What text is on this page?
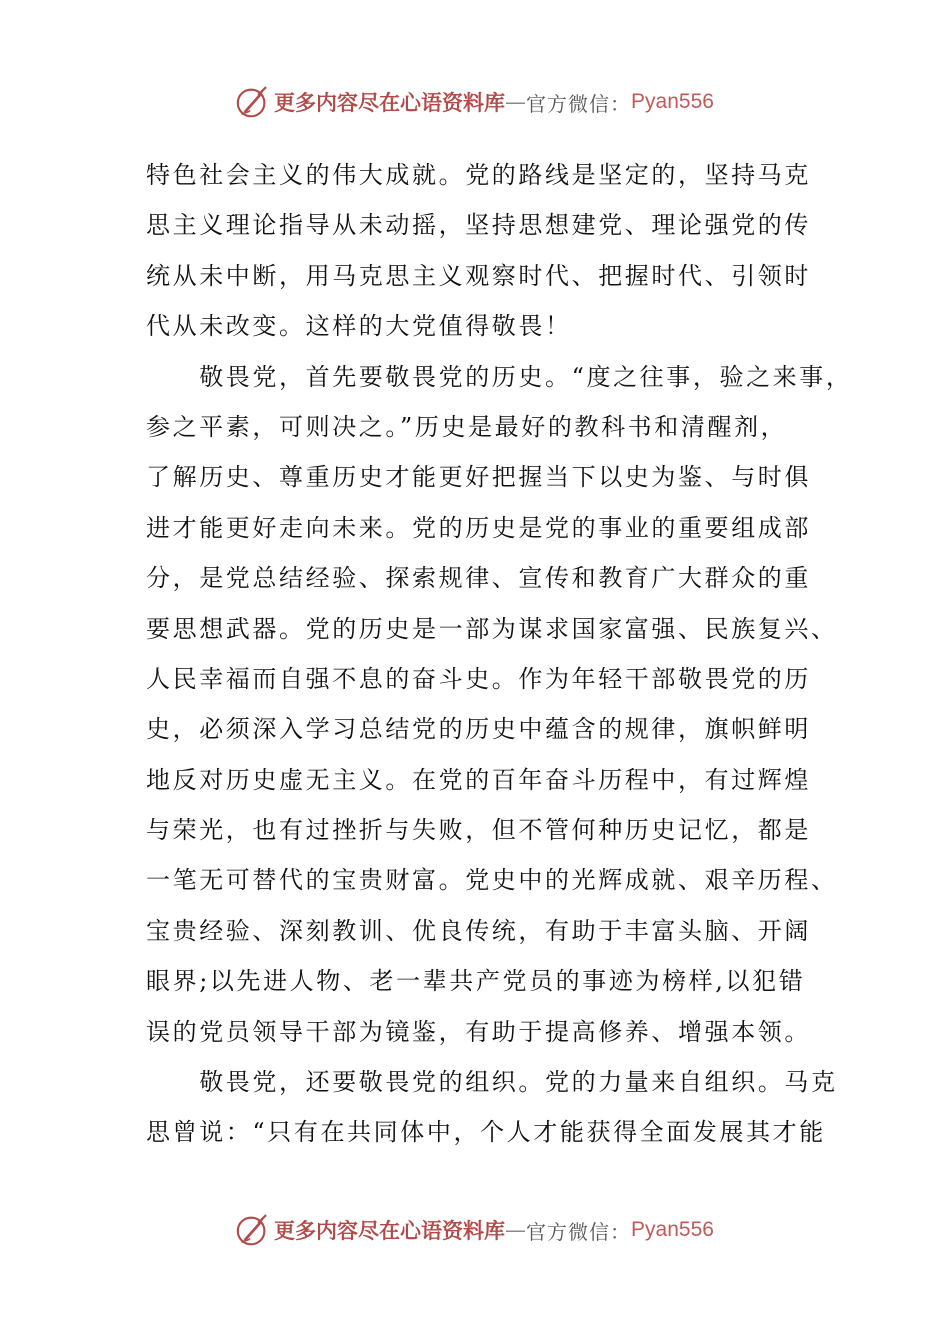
更多内容尽在心语资料库 — 官方微信： Pyan556
特色社会主义的伟大成就。党的路线是坚定的，坚持马克
思主义理论指导从未动摇，坚持思想建党、理论强党的传
统从未中断，用马克思主义观察时代、把握时代、引领时
代从未改变。这样的大党值得敬畏！
　　敬畏党，首先要敬畏党的历史。“度之往事，验之来事，
参之平素，可则决之。”历史是最好的教科书和清醒剂，
了解历史、尊重历史才能更好把握当下以史为鉴、与时俱
进才能更好走向未来。党的历史是党的事业的重要组成部
分，是党总结经验、探索规律、宣传和教育广大群众的重
要思想武器。党的历史是一部为谋求国家富强、民族复兴、
人民幸福而自强不息的奋斗史。作为年轻干部敬畏党的历
史，必须深入学习总结党的历史中蕴含的规律，旗帜鲜明
地反对历史虚无主义。在党的百年奋斗历程中，有过辉煌
与荣光，也有过挫折与失败，但不管何种历史记忆，都是
一笔无可替代的宝贵财富。党史中的光辉成就、艰辛历程、
宝贵经验、深刻教训、优良传统，有助于丰富头脑、开阔
眼界;以先进人物、老一辈共产党员的事迹为榜样,以犯错
误的党员领导干部为镜鉴，有助于提高修养、增强本领。
　　敬畏党，还要敬畏党的组织。党的力量来自组织。马克
思曾说：“只有在共同体中，个人才能获得全面发展其才能
更多内容尽在心语资料库 — 官方微信： Pyan556
